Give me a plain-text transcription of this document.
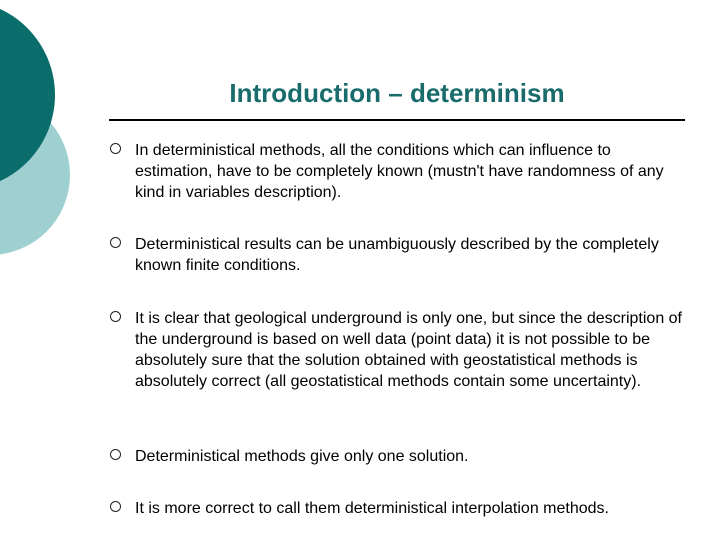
Introduction – determinism
In deterministical methods, all the conditions which can influence to estimation, have to be completely known (mustn't have randomness of any kind in variables description).
Deterministical results can be unambiguously described by the completely known finite conditions.
It is clear that geological underground is only one, but since the description of the underground is based on well data (point data) it is not possible to be absolutely sure that the solution obtained with geostatistical methods is absolutely correct (all geostatistical methods contain some uncertainty).
Deterministical methods give only one solution.
It is more correct to call them deterministical interpolation methods.
